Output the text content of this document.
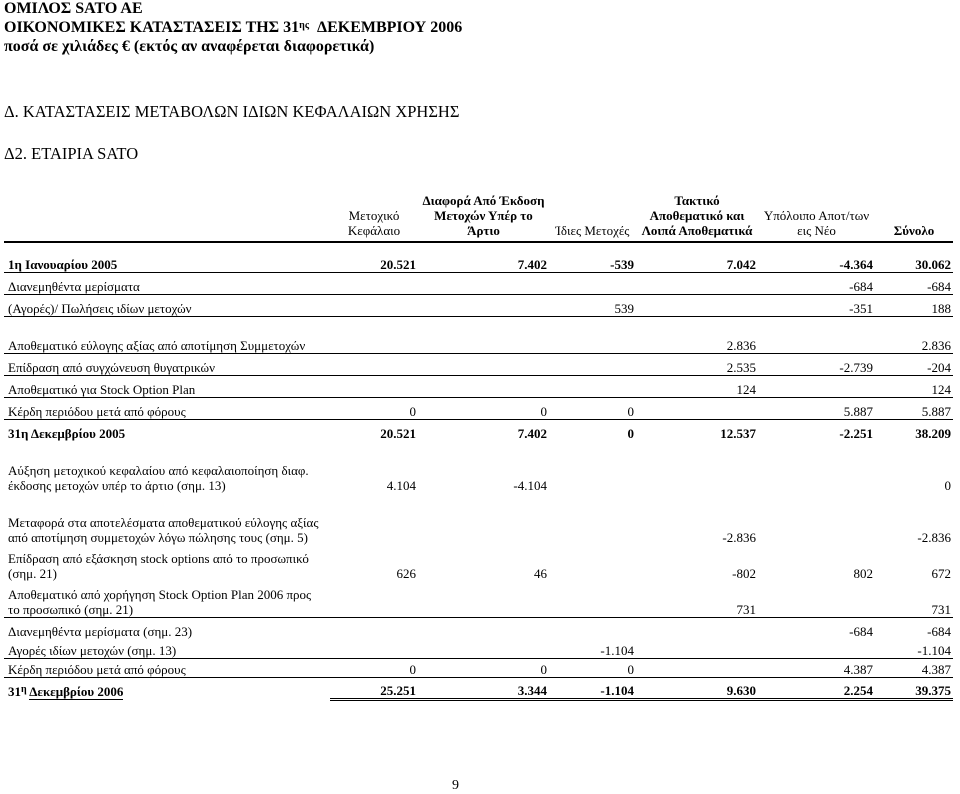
ΟΜΙΛΟΣ SATO AE
ΟΙΚΟΝΟΜΙΚΕΣ ΚΑΤΑΣΤΑΣΕΙΣ ΤΗΣ $31^{\eta\varsigma}$ ΔΕΚΕΜΒΡΙΟΥ 2006
ποσά σε χιλιάδες € (εκτός αν αναφέρεται διαφορετικά)
Δ. ΚΑΤΑΣΤΑΣΕΙΣ ΜΕΤΑΒΟΛΩΝ ΙΔΙΩΝ ΚΕΦΑΛΑΙΩΝ ΧΡΗΣΗΣ
Δ2. ΕΤΑΙΡΙΑ SATO
	Μετοχικό Κεφάλαιο	Διαφορά Από Έκδοση Μετοχών Υπέρ το Άρτιο	Ίδιες Μετοχές	Τακτικό Αποθεματικό και Λοιπά Αποθεματικά	Υπόλοιπο Αποτ/των εις Νέο	Σύνολο
1η Ιανουαρίου 2005	20.521	7.402	-539	7.042	-4.364	30.062
Διανεμηθέντα μερίσματα					-684	-684
(Αγορές)/ Πωλήσεις ιδίων μετοχών			539		-351	188
Αποθεματικό εύλογης αξίας από αποτίμηση Συμμετοχών				2.836		2.836
Επίδραση από συγχώνευση θυγατρικών				2.535	-2.739	-204
Αποθεματικό για Stock Option Plan				124		124
Κέρδη περιόδου μετά από φόρους	0	0	0		5.887	5.887
31η Δεκεμβρίου 2005	20.521	7.402	0	12.537	-2.251	38.209
Αύξηση μετοχικού κεφαλαίου από κεφαλαιοποίηση διαφ. έκδοσης μετοχών υπέρ το άρτιο (σημ. 13)	4.104	-4.104				0
Μεταφορά στα αποτελέσματα αποθεματικού εύλογης αξίας από αποτίμηση συμμετοχών λόγω πώλησης τους (σημ. 5)				-2.836		-2.836
Επίδραση από εξάσκηση stock options από το προσωπικό (σημ. 21)	626	46		-802	802	672
Αποθεματικό από χορήγηση Stock Option Plan 2006 προς το προσωπικό (σημ. 21)				731		731
Διανεμηθέντα μερίσματα (σημ. 23)					-684	-684
Αγορές ιδίων μετοχών (σημ. 13)			-1.104			-1.104
Κέρδη περιόδου μετά από φόρους	0	0	0		4.387	4.387
$31^\eta$ Δεκεμβρίου 2006	25.251	3.344	-1.104	9.630	2.254	39.375
9
